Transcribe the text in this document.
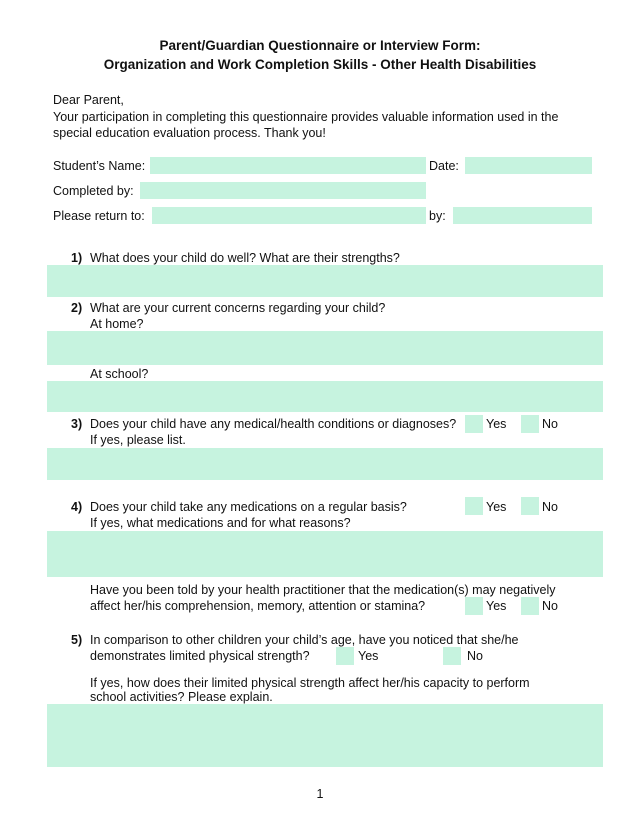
Parent/Guardian Questionnaire or Interview Form:
Organization and Work Completion Skills - Other Health Disabilities
Dear Parent,
Your participation in completing this questionnaire provides valuable information used in the
special education evaluation process. Thank you!
Student’s Name:	Date:
Completed by:
Please return to:	by:
1) What does your child do well? What are their strengths?
2) What are your current concerns regarding your child?
At home?
At school?
3) Does your child have any medical/health conditions or diagnoses? Yes	No
If yes, please list.
4) Does your child take any medications on a regular basis?	Yes	No
If yes, what medications and for what reasons?
Have you been told by your health practitioner that the medication(s) may negatively
affect her/his comprehension, memory, attention or stamina?	Yes	No
5) In comparison to other children your child’s age, have you noticed that she/he
demonstrates limited physical strength?	Yes	No
If yes, how does their limited physical strength affect her/his capacity to perform
school activities? Please explain.
1
